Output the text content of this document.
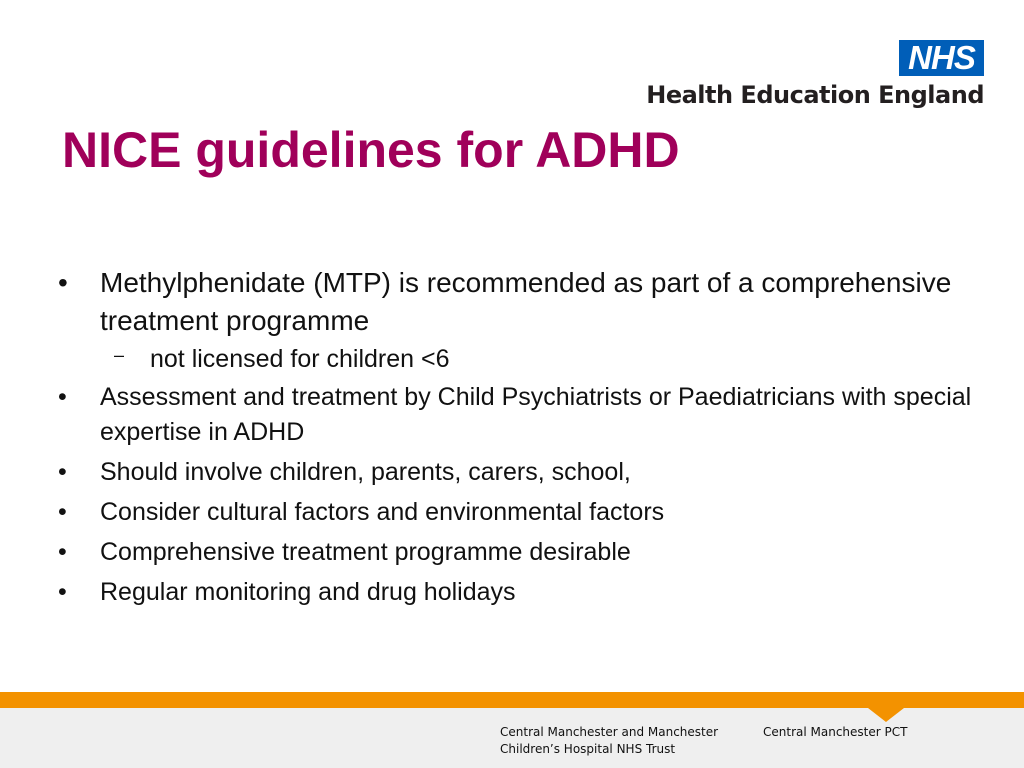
NHS
Health Education England
NICE guidelines for ADHD
• Methylphenidate (MTP) is recommended as part of a comprehensive treatment programme
– not licensed for children <6
• Assessment and treatment by Child Psychiatrists or Paediatricians with special expertise in ADHD
• Should involve children, parents, carers, school,
• Consider cultural factors and environmental factors
• Comprehensive treatment programme desirable
• Regular monitoring and drug holidays
Central Manchester and Manchester Children’s Hospital NHS Trust
Central Manchester PCT
